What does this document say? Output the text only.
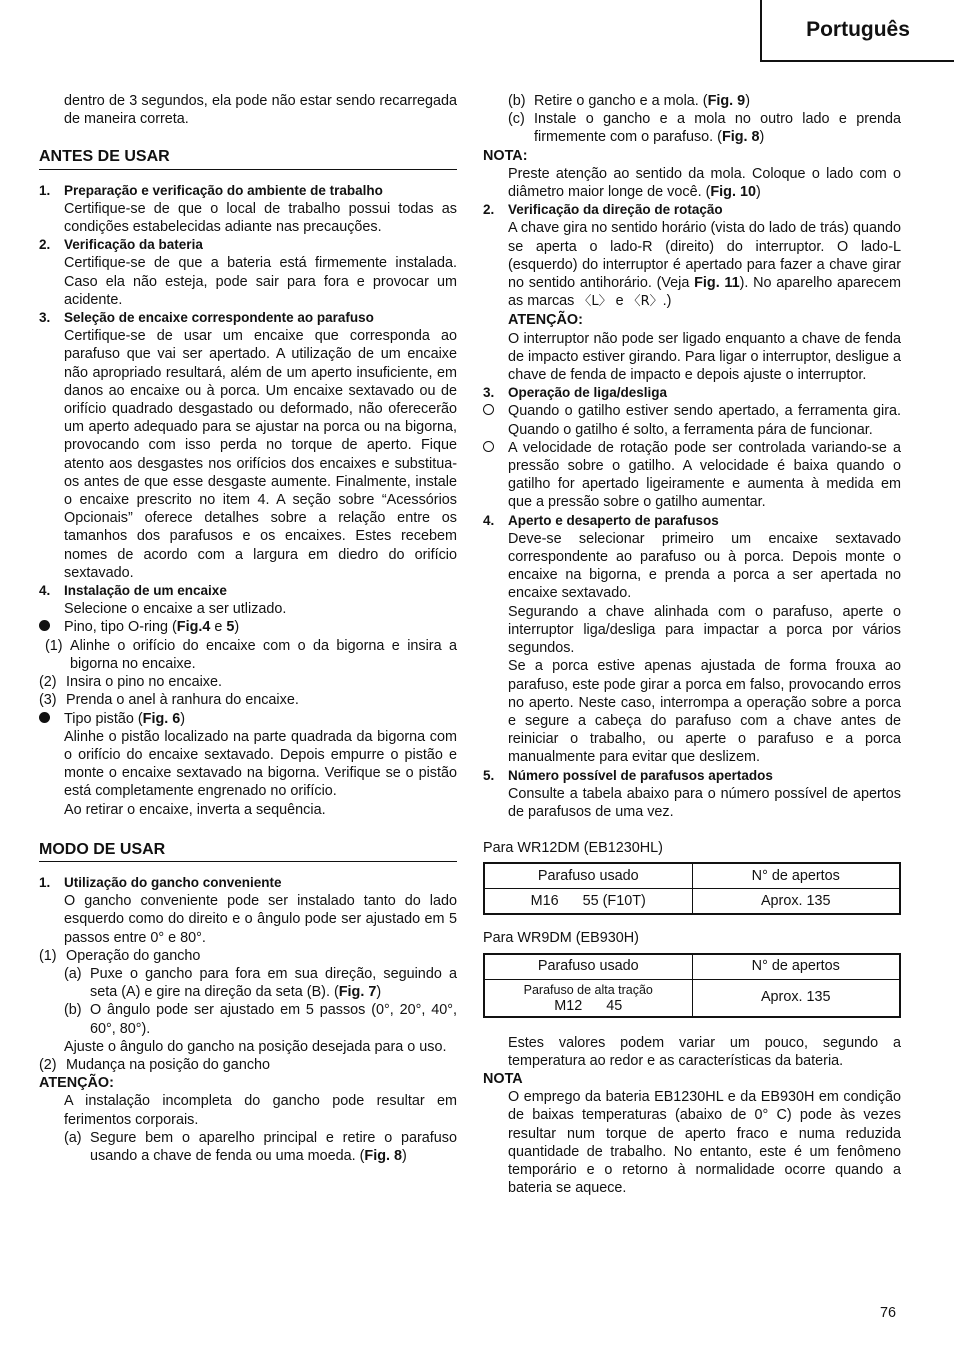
Português
dentro de 3 segundos, ela pode não estar sendo recarregada de maneira correta.
ANTES DE USAR
1.	Preparação e verificação do ambiente de trabalho
Certifique-se de que o local de trabalho possui todas as condições estabelecidas adiante nas precauções.
2.	Verificação da bateria
Certifique-se de que a bateria está firmemente instalada. Caso ela não esteja, pode sair para fora e provocar um acidente.
3.	Seleção de encaixe correspondente ao parafuso
Certifique-se de usar um encaixe que corresponda ao parafuso que vai ser apertado. A utilização de um encaixe não apropriado resultará, além de um aperto insuficiente, em danos ao encaixe ou à porca. Um encaixe sextavado ou de orifício quadrado desgastado ou deformado, não oferecerão um aperto adequado para se ajustar na porca ou na bigorna, provocando com isso perda no torque de aperto. Fique atento aos desgastes nos orifícios dos encaixes e substitua-os antes de que esse desgaste aumente. Finalmente, instale o encaixe prescrito no item 4. A seção sobre “Acessórios Opcionais” oferece detalhes sobre a relação entre os tamanhos dos parafusos e os encaixes. Estes recebem nomes de acordo com a largura em diedro do orifício sextavado.
4.	Instalação de um encaixe
Selecione o encaixe a ser utlizado.
Pino, tipo O-ring (Fig.4 e 5)
(1) Alinhe o orifício do encaixe com o da bigorna e insira a bigorna no encaixe.
(2) Insira o pino no encaixe.
(3) Prenda o anel à ranhura do encaixe.
Tipo pistão (Fig. 6)
Alinhe o pistão localizado na parte quadrada da bigorna com o orifício do encaixe sextavado. Depois empurre o pistão e monte o encaixe sextavado na bigorna. Verifique se o pistão está completamente engrenado no orifício.
Ao retirar o encaixe, inverta a sequência.
MODO DE USAR
1.	Utilização do gancho conveniente
O gancho conveniente pode ser instalado tanto do lado esquerdo como do direito e o ângulo pode ser ajustado em 5 passos entre 0° e 80°.
(1) Operação do gancho
(a) Puxe o gancho para fora em sua direção, seguindo a seta (A) e gire na direção da seta (B). (Fig. 7)
(b) O ângulo pode ser ajustado em 5 passos (0°, 20°, 40°, 60°, 80°).
Ajuste o ângulo do gancho na posição desejada para o uso.
(2) Mudança na posição do gancho
ATENÇÃO:
A instalação incompleta do gancho pode resultar em ferimentos corporais.
(a) Segure bem o aparelho principal e retire o parafuso usando a chave de fenda ou uma moeda. (Fig. 8)
(b) Retire o gancho e a mola. (Fig. 9)
(c) Instale o gancho e a mola no outro lado e prenda firmemente com o parafuso. (Fig. 8)
NOTA:
Preste atenção ao sentido da mola. Coloque o lado com o diâmetro maior longe de você. (Fig. 10)
2.	Verificação da direção de rotação
A chave gira no sentido horário (vista do lado de trás) quando se aperta o lado-R (direito) do interruptor. O lado-L (esquerdo) do interruptor é apertado para fazer a chave girar no sentido antihorário. (Veja Fig. 11). No aparelho aparecem as marcas 〈L〉 e 〈R〉.)
ATENÇÃO:
O interruptor não pode ser ligado enquanto a chave de fenda de impacto estiver girando. Para ligar o interruptor, desligue a chave de fenda de impacto e depois ajuste o interruptor.
3.	Operação de liga/desliga
Quando o gatilho estiver sendo apertado, a ferramenta gira. Quando o gatilho é solto, a ferramenta pára de funcionar.
A velocidade de rotação pode ser controlada variando-se a pressão sobre o gatilho. A velocidade é baixa quando o gatilho for apertado ligeiramente e aumenta à medida em que a pressão sobre o gatilho aumentar.
4.	Aperto e desaperto de parafusos
Deve-se selecionar primeiro um encaixe sextavado correspondente ao parafuso ou à porca. Depois monte o encaixe na bigorna, e prenda a porca a ser apertada no encaixe sextavado.
Segurando a chave alinhada com o parafuso, aperte o interruptor liga/desliga para impactar a porca por vários segundos.
Se a porca estive apenas ajustada de forma frouxa ao parafuso, este pode girar a porca em falso, provocando erros no aperto. Neste caso, interrompa a operação sobre a porca e segure a cabeça do parafuso com a chave antes de reiniciar o trabalho, ou aperte o parafuso e a porca manualmente para evitar que deslizem.
5.	Número possível de parafusos apertados
Consulte a tabela abaixo para o número possível de apertos de parafusos de uma vez.
Para WR12DM (EB1230HL)
Parafuso usado	N° de apertos
M16      55 (F10T)	Aprox. 135
Para WR9DM (EB930H)
Parafuso usado	N° de apertos

Parafuso de alta tração
M12      45	Aprox. 135
Estes valores podem variar um pouco, segundo a temperatura ao redor e as características da bateria.
NOTA
O emprego da bateria EB1230HL e da EB930H em condição de baixas temperaturas (abaixo de 0° C) pode às vezes resultar num torque de aperto fraco e numa reduzida quantidade de trabalho. No entanto, este é um fenômeno temporário e o retorno à normalidade ocorre quando a bateria se aquece.
76
